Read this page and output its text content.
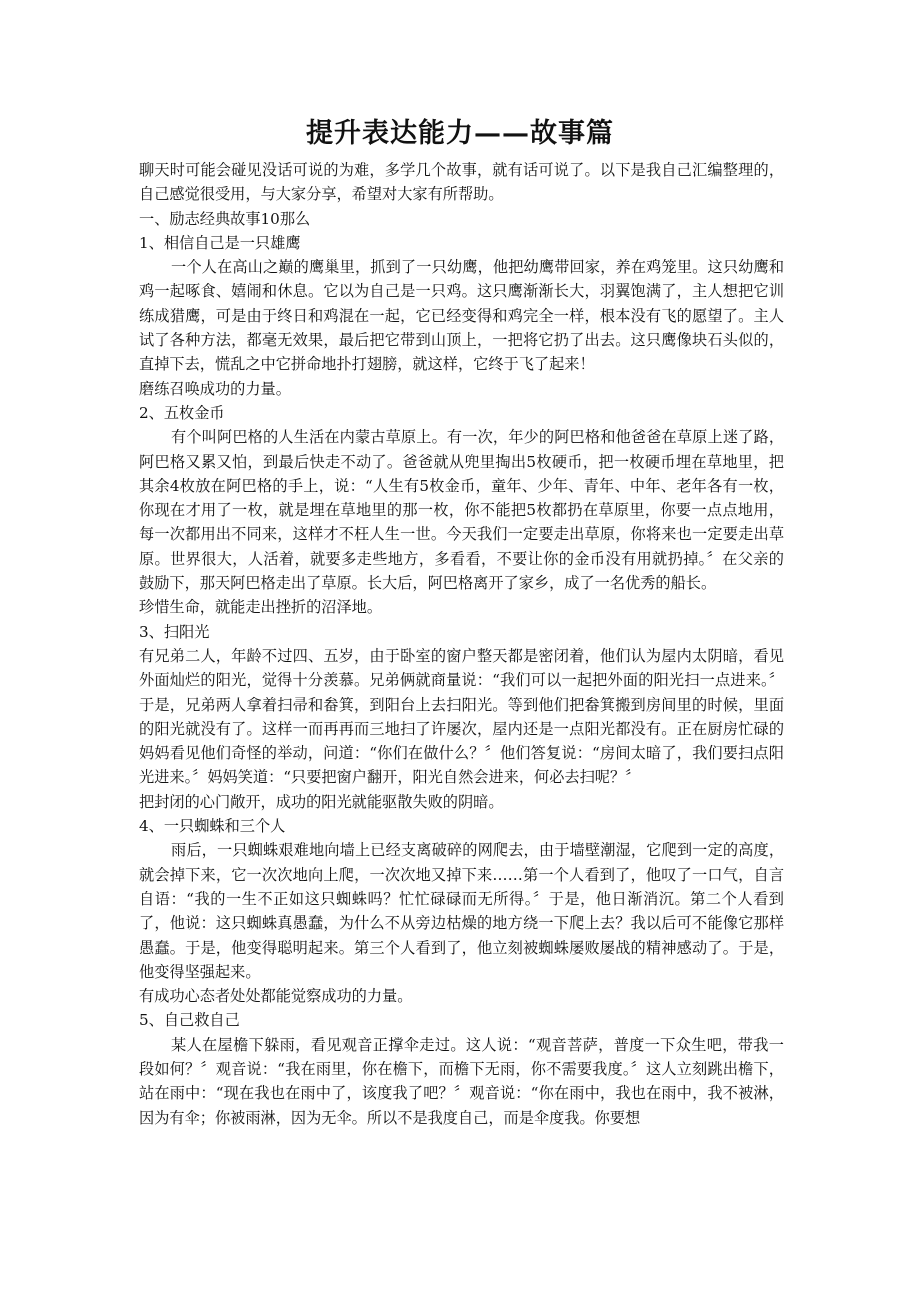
提升表达能力——故事篇

聊天时可能会碰见没话可说的为难，多学几个故事，就有话可说了。以下是我自己汇编整理的，自己感觉很受用，与大家分享，希望对大家有所帮助。

一、励志经典故事10那么

1、相信自己是一只雄鹰

一个人在高山之巅的鹰巢里，抓到了一只幼鹰，他把幼鹰带回家，养在鸡笼里。这只幼鹰和鸡一起啄食、嬉闹和休息。它以为自己是一只鸡。这只鹰渐渐长大，羽翼饱满了，主人想把它训练成猎鹰，可是由于终日和鸡混在一起，它已经变得和鸡完全一样，根本没有飞的愿望了。主人试了各种方法，都毫无效果，最后把它带到山顶上，一把将它扔了出去。这只鹰像块石头似的，直掉下去，慌乱之中它拼命地扑打翅膀，就这样，它终于飞了起来！

磨练召唤成功的力量。

2、五枚金币

有个叫阿巴格的人生活在内蒙古草原上。有一次，年少的阿巴格和他爸爸在草原上迷了路，阿巴格又累又怕，到最后快走不动了。爸爸就从兜里掏出5枚硬币，把一枚硬币埋在草地里，把其余4枚放在阿巴格的手上，说：“人生有5枚金币，童年、少年、青年、中年、老年各有一枚，你现在才用了一枚，就是埋在草地里的那一枚，你不能把5枚都扔在草原里，你要一点点地用，每一次都用出不同来，这样才不枉人生一世。今天我们一定要走出草原，你将来也一定要走出草原。世界很大，人活着，就要多走些地方，多看看，不要让你的金币没有用就扔掉。〞在父亲的鼓励下，那天阿巴格走出了草原。长大后，阿巴格离开了家乡，成了一名优秀的船长。

珍惜生命，就能走出挫折的沼泽地。

3、扫阳光

有兄弟二人，年龄不过四、五岁，由于卧室的窗户整天都是密闭着，他们认为屋内太阴暗，看见外面灿烂的阳光，觉得十分羡慕。兄弟俩就商量说：“我们可以一起把外面的阳光扫一点进来。〞于是，兄弟两人拿着扫帚和畚箕，到阳台上去扫阳光。等到他们把畚箕搬到房间里的时候，里面的阳光就没有了。这样一而再再而三地扫了许屡次，屋内还是一点阳光都没有。正在厨房忙碌的妈妈看见他们奇怪的举动，问道：“你们在做什么？〞他们答复说：“房间太暗了，我们要扫点阳光进来。〞妈妈笑道：“只要把窗户翻开，阳光自然会进来，何必去扫呢？〞

把封闭的心门敞开，成功的阳光就能驱散失败的阴暗。

4、一只蜘蛛和三个人

雨后，一只蜘蛛艰难地向墙上已经支离破碎的网爬去，由于墙壁潮湿，它爬到一定的高度，就会掉下来，它一次次地向上爬，一次次地又掉下来……第一个人看到了，他叹了一口气，自言自语：“我的一生不正如这只蜘蛛吗？忙忙碌碌而无所得。〞于是，他日渐消沉。第二个人看到了，他说：这只蜘蛛真愚蠢，为什么不从旁边枯燥的地方绕一下爬上去？我以后可不能像它那样愚蠢。于是，他变得聪明起来。第三个人看到了，他立刻被蜘蛛屡败屡战的精神感动了。于是，他变得坚强起来。

有成功心态者处处都能觉察成功的力量。

5、自己救自己

某人在屋檐下躲雨，看见观音正撑伞走过。这人说：“观音菩萨，普度一下众生吧，带我一段如何？〞观音说：“我在雨里，你在檐下，而檐下无雨，你不需要我度。〞这人立刻跳出檐下，站在雨中：“现在我也在雨中了，该度我了吧？〞观音说：“你在雨中，我也在雨中，我不被淋，因为有伞；你被雨淋，因为无伞。所以不是我度自己，而是伞度我。你要想
